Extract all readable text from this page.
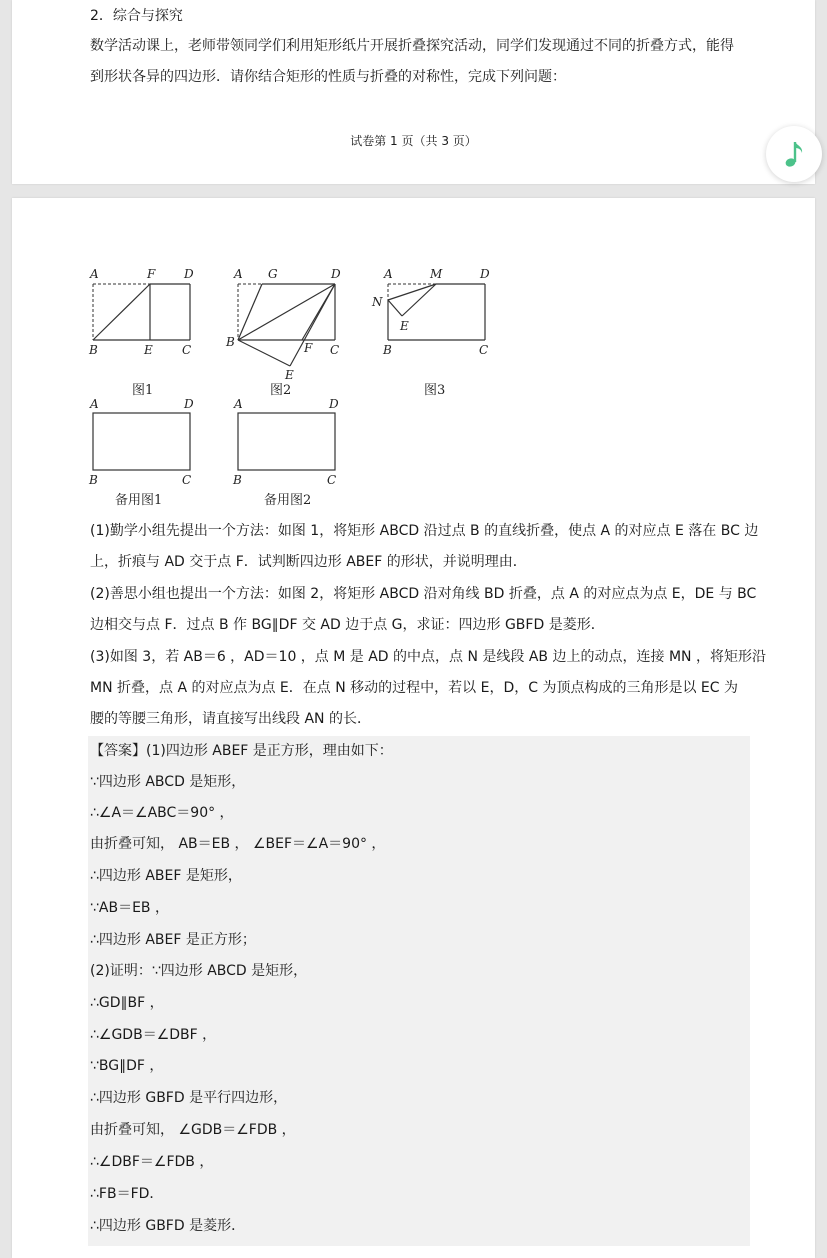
2．综合与探究
数学活动课上，老师带领同学们利用矩形纸片开展折叠探究活动，同学们发现通过不同的折叠方式，能得
到形状各异的四边形．请你结合矩形的性质与折叠的对称性，完成下列问题：
试卷第 1 页（共 3 页）
A	F D
B	E C
图1
A G	D
B	F C
E
图2
A	M	D
N
E
B	C
图3
A	D
B	C
备用图1
A	D
B	C
备用图2
(1)勤学小组先提出一个方法：如图 1，将矩形 ABCD 沿过点 B 的直线折叠，使点 A 的对应点 E 落在 BC 边
上，折痕与 AD 交于点 F．试判断四边形 ABEF 的形状，并说明理由．
(2)善思小组也提出一个方法：如图 2，将矩形 ABCD 沿对角线 BD 折叠，点 A 的对应点为点 E，DE 与 BC
边相交与点 F．过点 B 作 BG∥DF 交 AD 边于点 G，求证：四边形 GBFD 是菱形．
(3)如图 3，若 AB＝6 ，AD＝10 ，点 M 是 AD 的中点，点 N 是线段 AB 边上的动点，连接 MN ，将矩形沿
MN 折叠，点 A 的对应点为点 E．在点 N 移动的过程中，若以 E，D，C 为顶点构成的三角形是以 EC 为
腰的等腰三角形，请直接写出线段 AN 的长．
【答案】(1)四边形 ABEF 是正方形，理由如下：
∵四边形 ABCD 是矩形，
∴∠A＝∠ABC＝90° ，
由折叠可知， AB＝EB ， ∠BEF＝∠A＝90° ，
∴四边形 ABEF 是矩形，
∵AB＝EB ，
∴四边形 ABEF 是正方形；
(2)证明：∵四边形 ABCD 是矩形，
∴GD∥BF ，
∴∠GDB＝∠DBF ，
∵BG∥DF ，
∴四边形 GBFD 是平行四边形，
由折叠可知， ∠GDB＝∠FDB ，
∴∠DBF＝∠FDB ，
∴FB＝FD．
∴四边形 GBFD 是菱形．
